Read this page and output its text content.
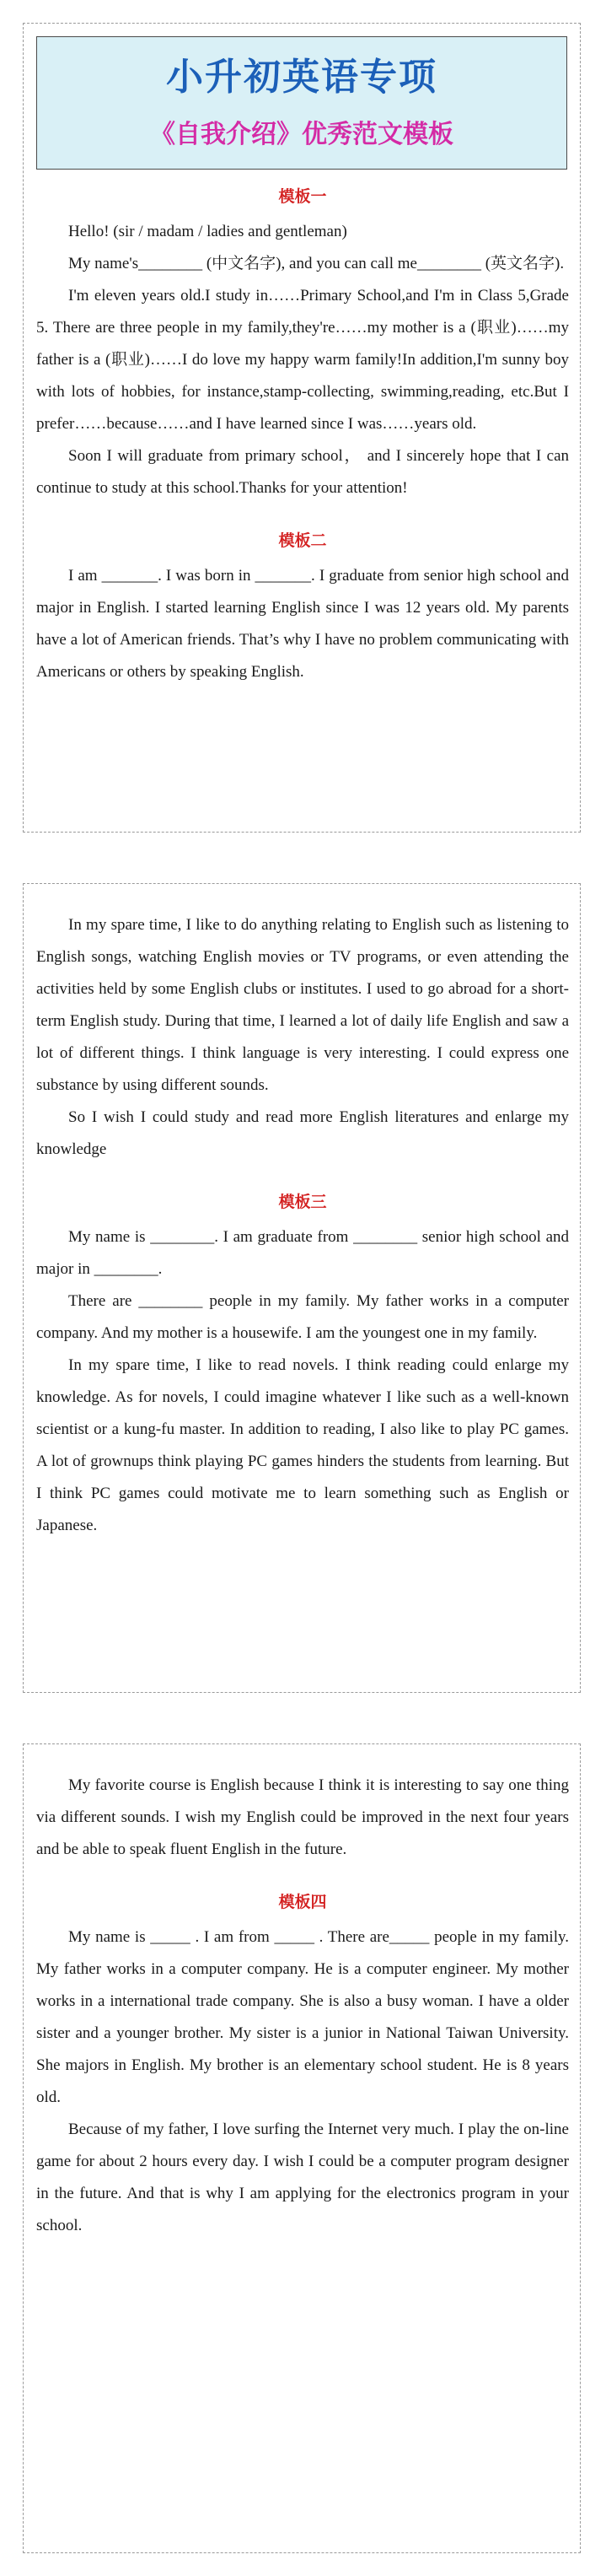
小升初英语专项
《自我介绍》优秀范文模板
模板一

Hello! (sir / madam / ladies and gentleman)

My name's________ (中文名字), and you can call me________ (英文名字).

I'm eleven years old.I study in……Primary School,and I'm in Class 5,Grade 5. There are three people in my family,they're……my mother is a (职业)……my father is a (职业)……I do love my happy warm family!In addition,I'm sunny boy with lots of hobbies, for instance,stamp-collecting, swimming,reading, etc.But I prefer……because……and I have learned since I was……years old.

Soon I will graduate from primary school， and I sincerely hope that I can continue to study at this school.Thanks for your attention!

模板二

I am _______. I was born in _______. I graduate from senior high school and major in English. I started learning English since I was 12 years old. My parents have a lot of American friends. That’s why I have no problem communicating with Americans or others by speaking English.

In my spare time, I like to do anything relating to English such as listening to English songs, watching English movies or TV programs, or even attending the activities held by some English clubs or institutes. I used to go abroad for a short- term English study. During that time, I learned a lot of daily life English and saw a lot of different things. I think language is very interesting. I could express one substance by using different sounds.

So I wish I could study and read more English literatures and enlarge my knowledge

模板三

My name is ________. I am graduate from ________ senior high school and major in ________.

There are ________ people in my family. My father works in a computer company. And my mother is a housewife. I am the youngest one in my family.

In my spare time, I like to read novels. I think reading could enlarge my knowledge. As for novels, I could imagine whatever I like such as a well-known scientist or a kung-fu master. In addition to reading, I also like to play PC games. A lot of grownups think playing PC games hinders the students from learning. But I think PC games could motivate me to learn something such as English or Japanese.

My favorite course is English because I think it is interesting to say one thing via different sounds. I wish my English could be improved in the next four years and be able to speak fluent English in the future.

模板四

My name is _____ . I am from _____ . There are_____ people in my family. My father works in a computer company. He is a computer engineer. My mother works in a international trade company. She is also a busy woman. I have a older sister and a younger brother. My sister is a junior in National Taiwan University. She majors in English. My brother is an elementary school student. He is 8 years old.

Because of my father, I love surfing the Internet very much. I play the on-line game for about 2 hours every day. I wish I could be a computer program designer in the future. And that is why I am applying for the electronics program in your school.
